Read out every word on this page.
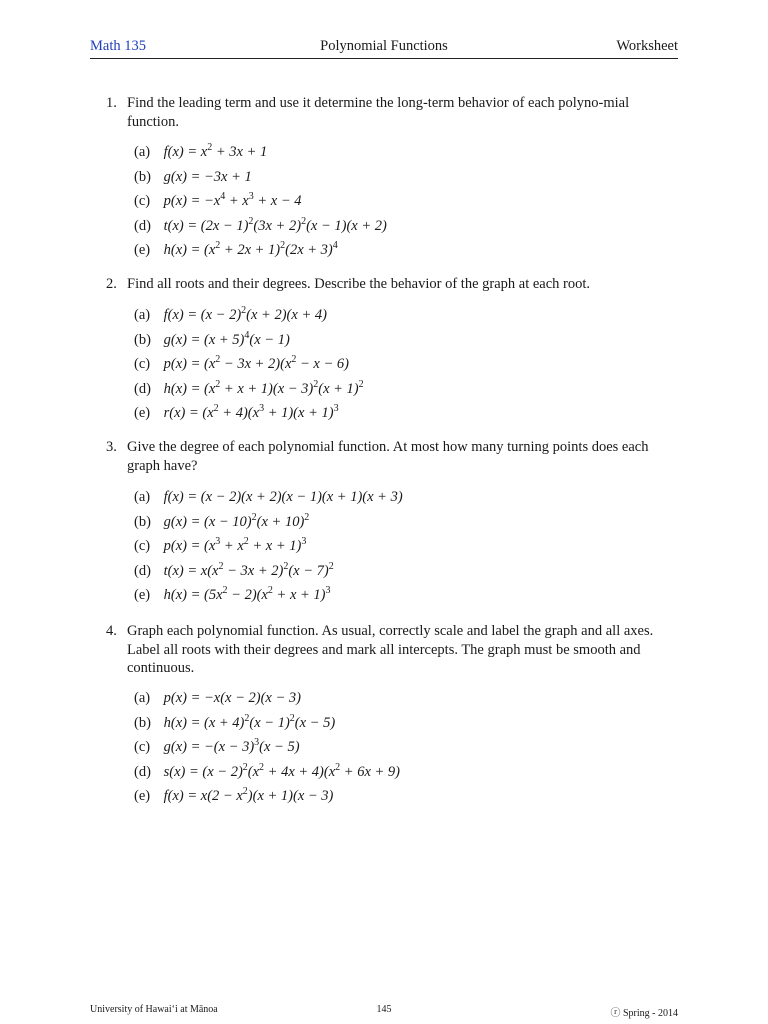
Math 135	Polynomial Functions	Worksheet
1. Find the leading term and use it determine the long-term behavior of each polyno-mial function.
(a) $f(x) = x^2 + 3x + 1$
(b) g(x) = −3x + 1
(c) $p(x) = -x^4 + x^3 + x - 4$
(d) $t(x) = (2x - 1)^2(3x + 2)^2(x - 1)(x + 2)$
(e) $h(x) = (x^2 + 2x + 1)^2(2x + 3)^4$
2. Find all roots and their degrees. Describe the behavior of the graph at each root.
(a) $f(x) = (x - 2)^2(x + 2)(x + 4)$
(b) $g(x) = (x + 5)^4(x - 1)$
(c) $p(x) = (x^2 - 3x + 2)(x^2 - x - 6)$
(d) $h(x) = (x^2 + x + 1)(x - 3)^2(x + 1)^2$
(e) $r(x) = (x^2 + 4)(x^3 + 1)(x + 1)^3$
3. Give the degree of each polynomial function. At most how many turning points does each graph have?
(a) f(x) = (x − 2)(x + 2)(x − 1)(x + 1)(x + 3)
(b) $g(x) = (x - 10)^2(x + 10)^2$
(c) $p(x) = (x^3 + x^2 + x + 1)^3$
(d) $t(x) = x(x^2 - 3x + 2)^2(x - 7)^2$
(e) $h(x) = (5x^2 - 2)(x^2 + x + 1)^3$
4. Graph each polynomial function. As usual, correctly scale and label the graph and all axes. Label all roots with their degrees and mark all intercepts. The graph must be smooth and continuous.
(a) p(x) = −x(x − 2)(x − 3)
(b) $h(x) = (x + 4)^2(x - 1)^2(x - 5)$
(c) $g(x) = -(x - 3)^3(x - 5)$
(d) $s(x) = (x - 2)^2(x^2 + 4x + 4)(x^2 + 6x + 9)$
(e) $f(x) = x(2 - x^2)(x + 1)(x - 3)$
University of Hawai‘i at Mānoa	145	ⓡ Spring - 2014
